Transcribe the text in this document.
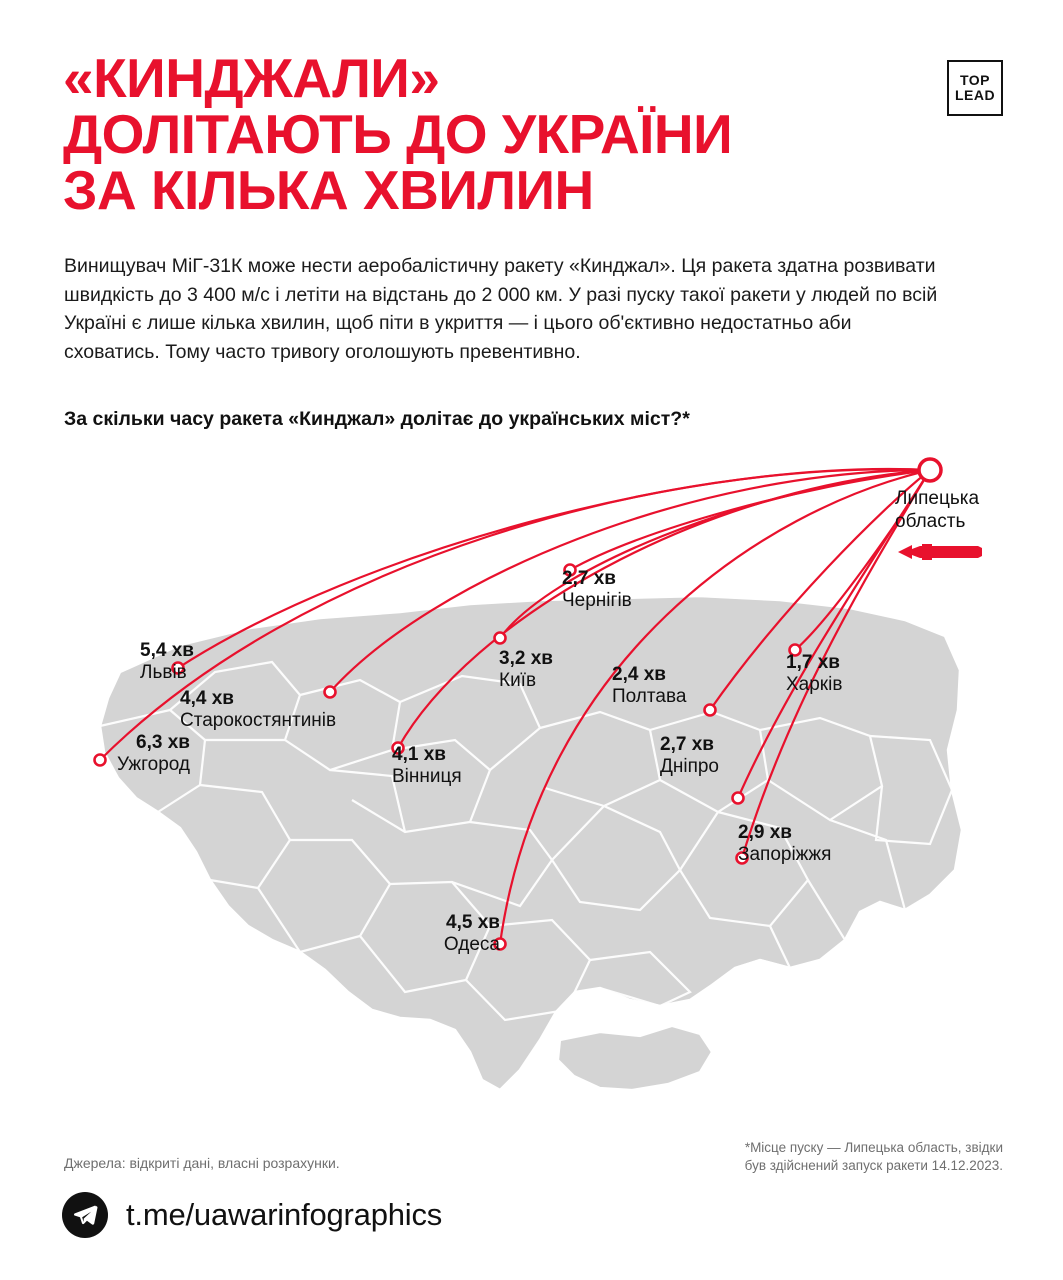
«КИНДЖАЛИ»
ДОЛІТАЮТЬ ДО УКРАЇНИ
ЗА КІЛЬКА ХВИЛИН
TOP
LEAD

Винищувач МіГ-31К може нести аеробалістичну ракету «Кинджал». Ця ракета здатна розвивати швидкість до 3 400 м/с і летіти на відстань до 2 000 км. У разі пуску такої ракети у людей по всій Україні є лише кілька хвилин, щоб піти в укриття — і цього об'єктивно недостатньо аби сховатись. Тому часто тривогу оголошують превентивно.

За скільки часу ракета «Кинджал» долітає до українських міст?*
Липецька
область
6,3 хв
Ужгород
5,4 хв
Львів
4,4 хв
Старокостянтинів
4,1 хв
Вінниця
4,5 хв
Одеса
3,2 хв
Київ
2,7 хв
Чернігів
2,4 хв
Полтава
2,7 хв
Дніпро
2,9 хв
Запоріжжя
1,7 хв
Харків
Джерела: відкриті дані, власні розрахунки.
*Місце пуску — Липецька область, звідки
був здійснений запуск ракети 14.12.2023.
t.me/uawarinfographics
